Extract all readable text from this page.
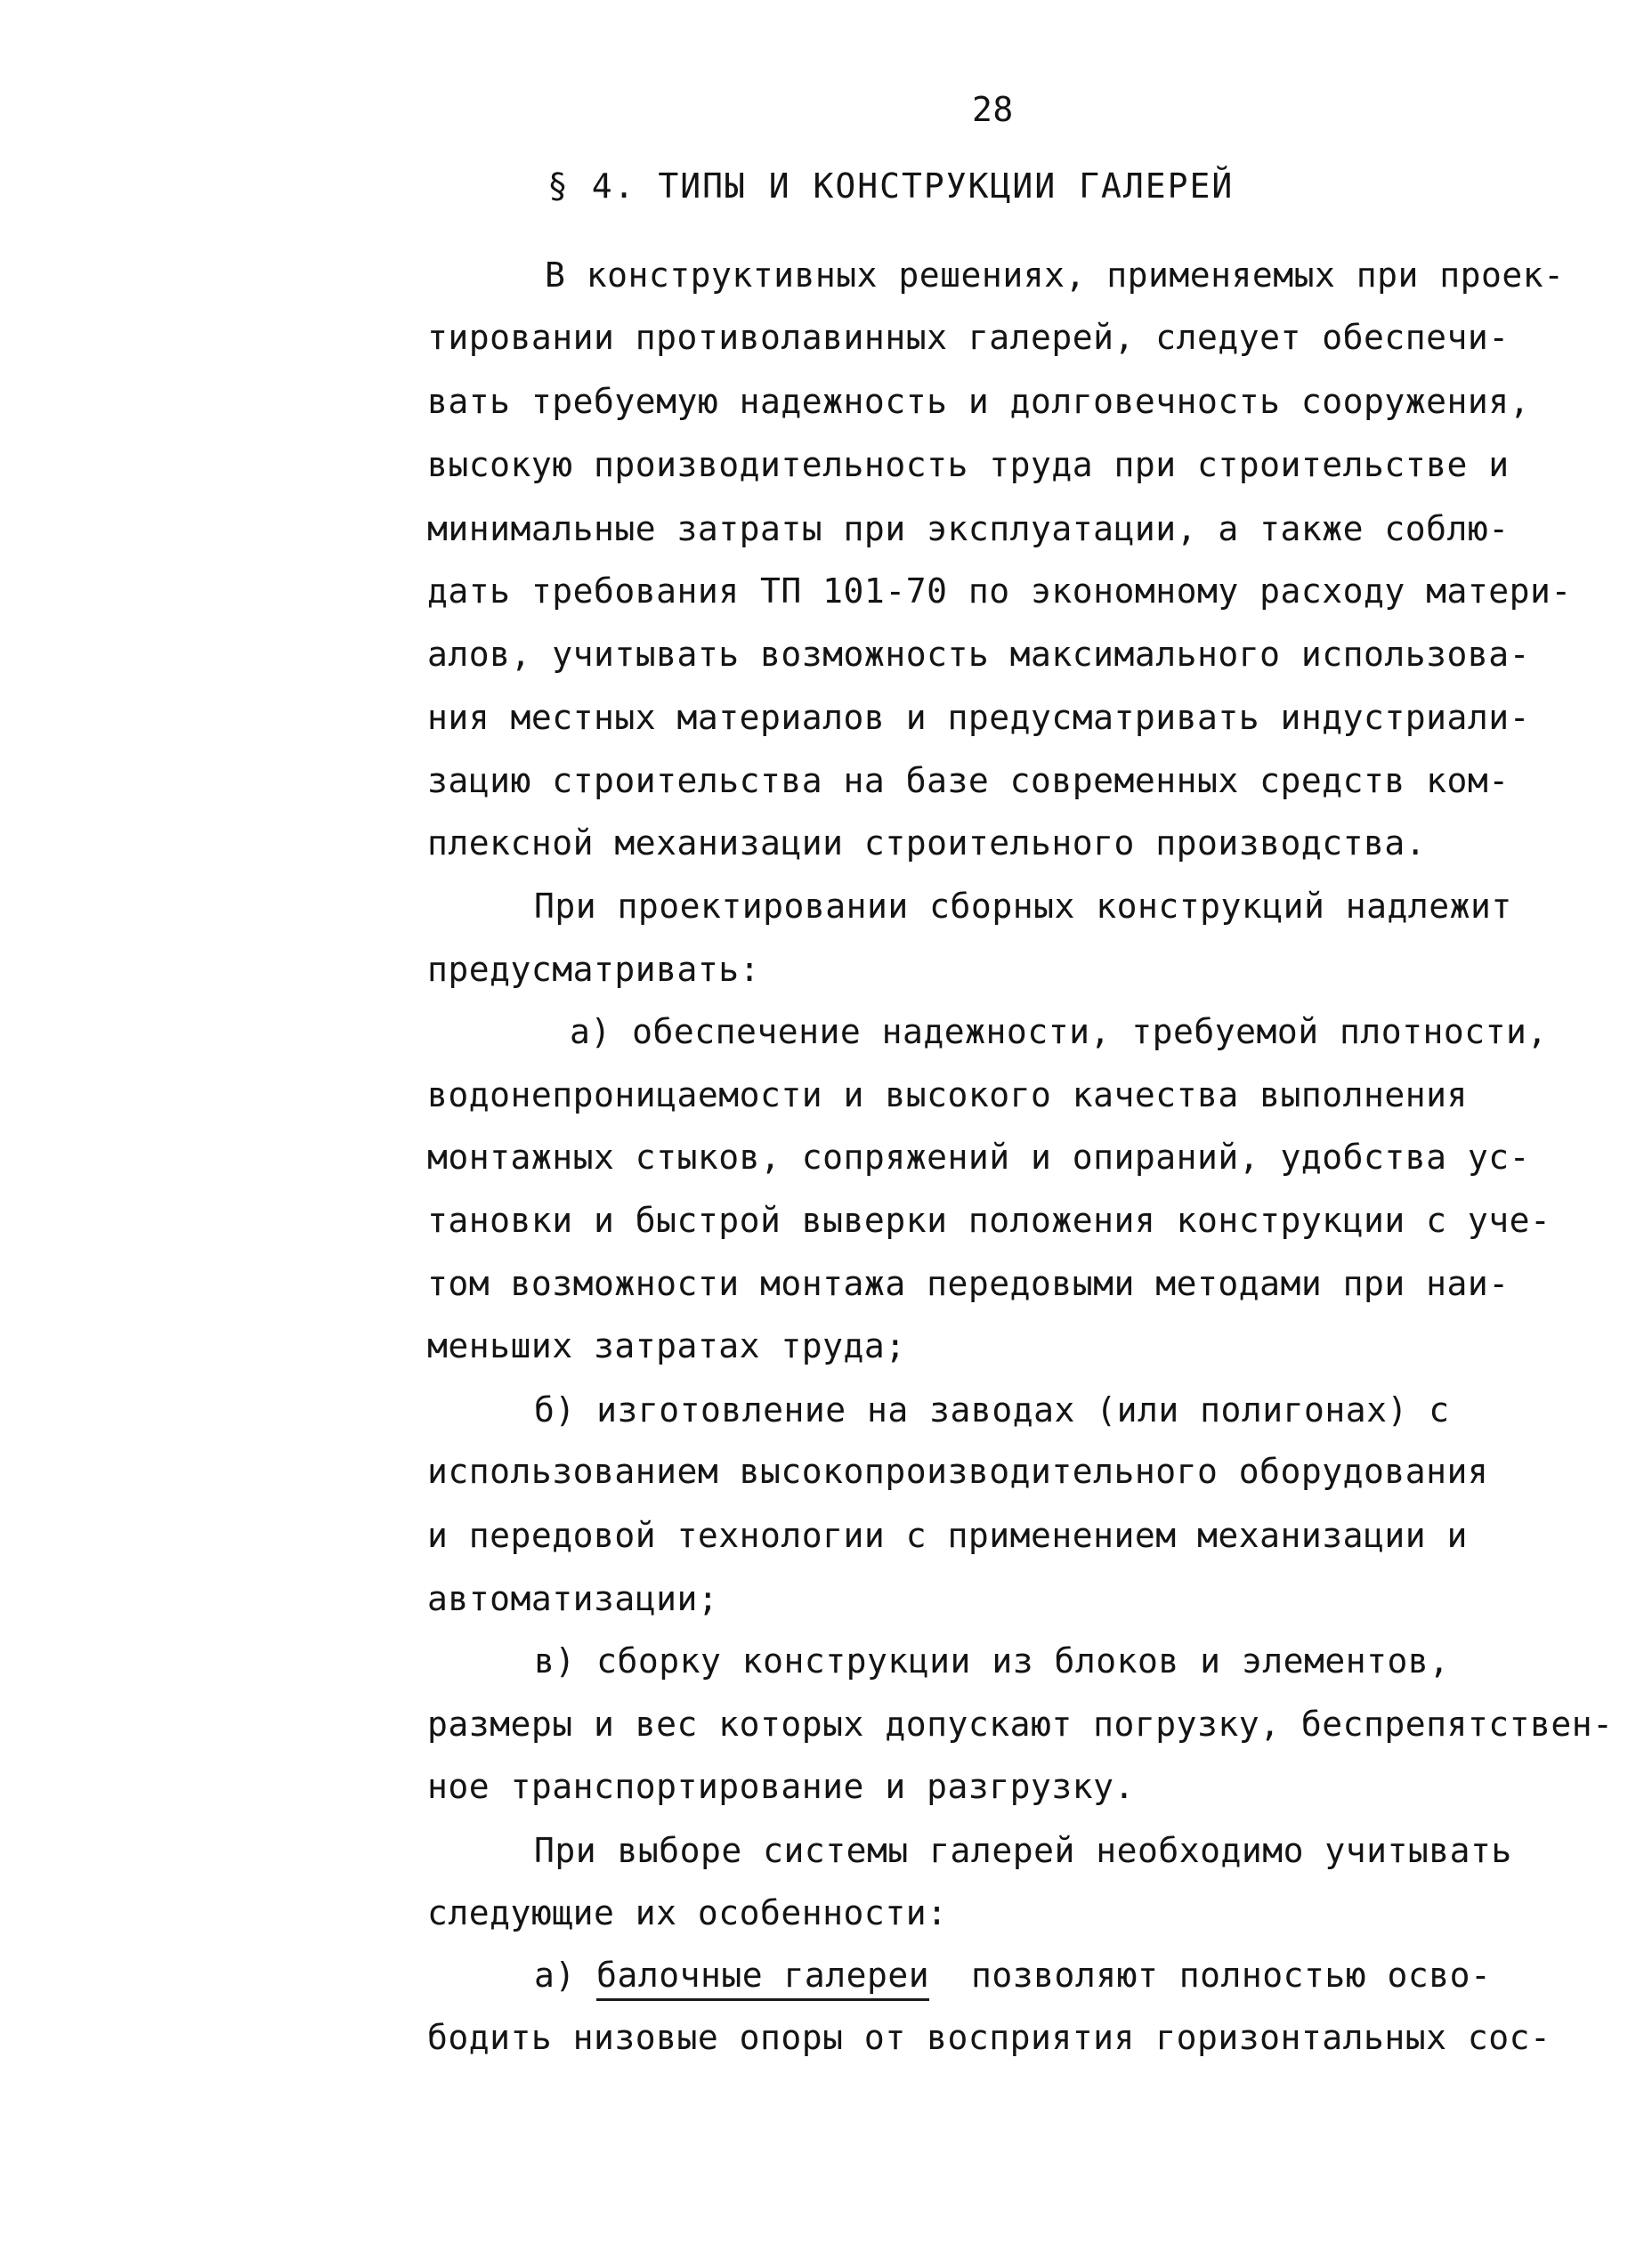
28
§ 4. ТИПЫ И КОНСТРУКЦИИ ГАЛЕРЕЙ
В конструктивных решениях, применяемых при проек-
тировании противолавинных галерей, следует обеспечи-
вать требуемую надежность и долговечность сооружения,
высокую производительность труда при строительстве и
минимальные затраты при эксплуатации, а также соблю-
дать требования ТП 101-70 по экономному расходу матери-
алов, учитывать возможность максимального использова-
ния местных материалов и предусматривать индустриали-
зацию строительства на базе современных средств ком-
плексной механизации строительного производства.
При проектировании сборных конструкций надлежит
предусматривать:
а) обеспечение надежности, требуемой плотности,
водонепроницаемости и высокого качества выполнения
монтажных стыков, сопряжений и опираний, удобства ус-
тановки и быстрой выверки положения конструкции с уче-
том возможности монтажа передовыми методами при наи-
меньших затратах труда;
б) изготовление на заводах (или полигонах) с
использованием высокопроизводительного оборудования
и передовой технологии с применением механизации и
автоматизации;
в) сборку конструкции из блоков и элементов,
размеры и вес которых допускают погрузку, беспрепятствен-
ное транспортирование и разгрузку.
При выборе системы галерей необходимо учитывать
следующие их особенности:
а) балочные галереи  позволяют полностью осво-
бодить низовые опоры от восприятия горизонтальных сос-
